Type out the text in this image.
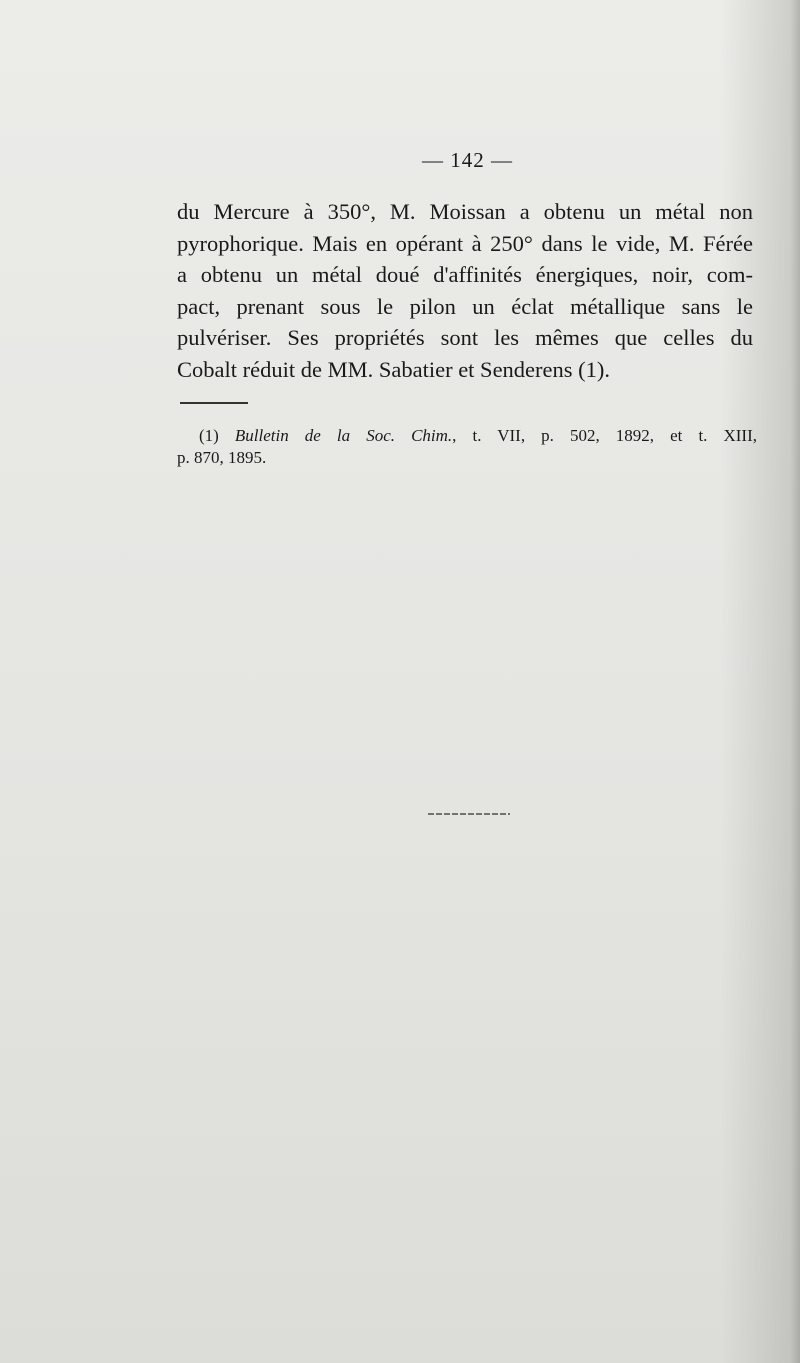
— 142 —
du Mercure à 350°, M. Moissan a obtenu un métal non
pyrophorique. Mais en opérant à 250° dans le vide, M. Férée
a obtenu un métal doué d'affinités énergiques, noir, com-
pact, prenant sous le pilon un éclat métallique sans le
pulvériser. Ses propriétés sont les mêmes que celles du
Cobalt réduit de MM. Sabatier et Senderens (1).
(1) Bulletin de la Soc. Chim., t. VII, p. 502, 1892, et t. XIII,
p. 870, 1895.
